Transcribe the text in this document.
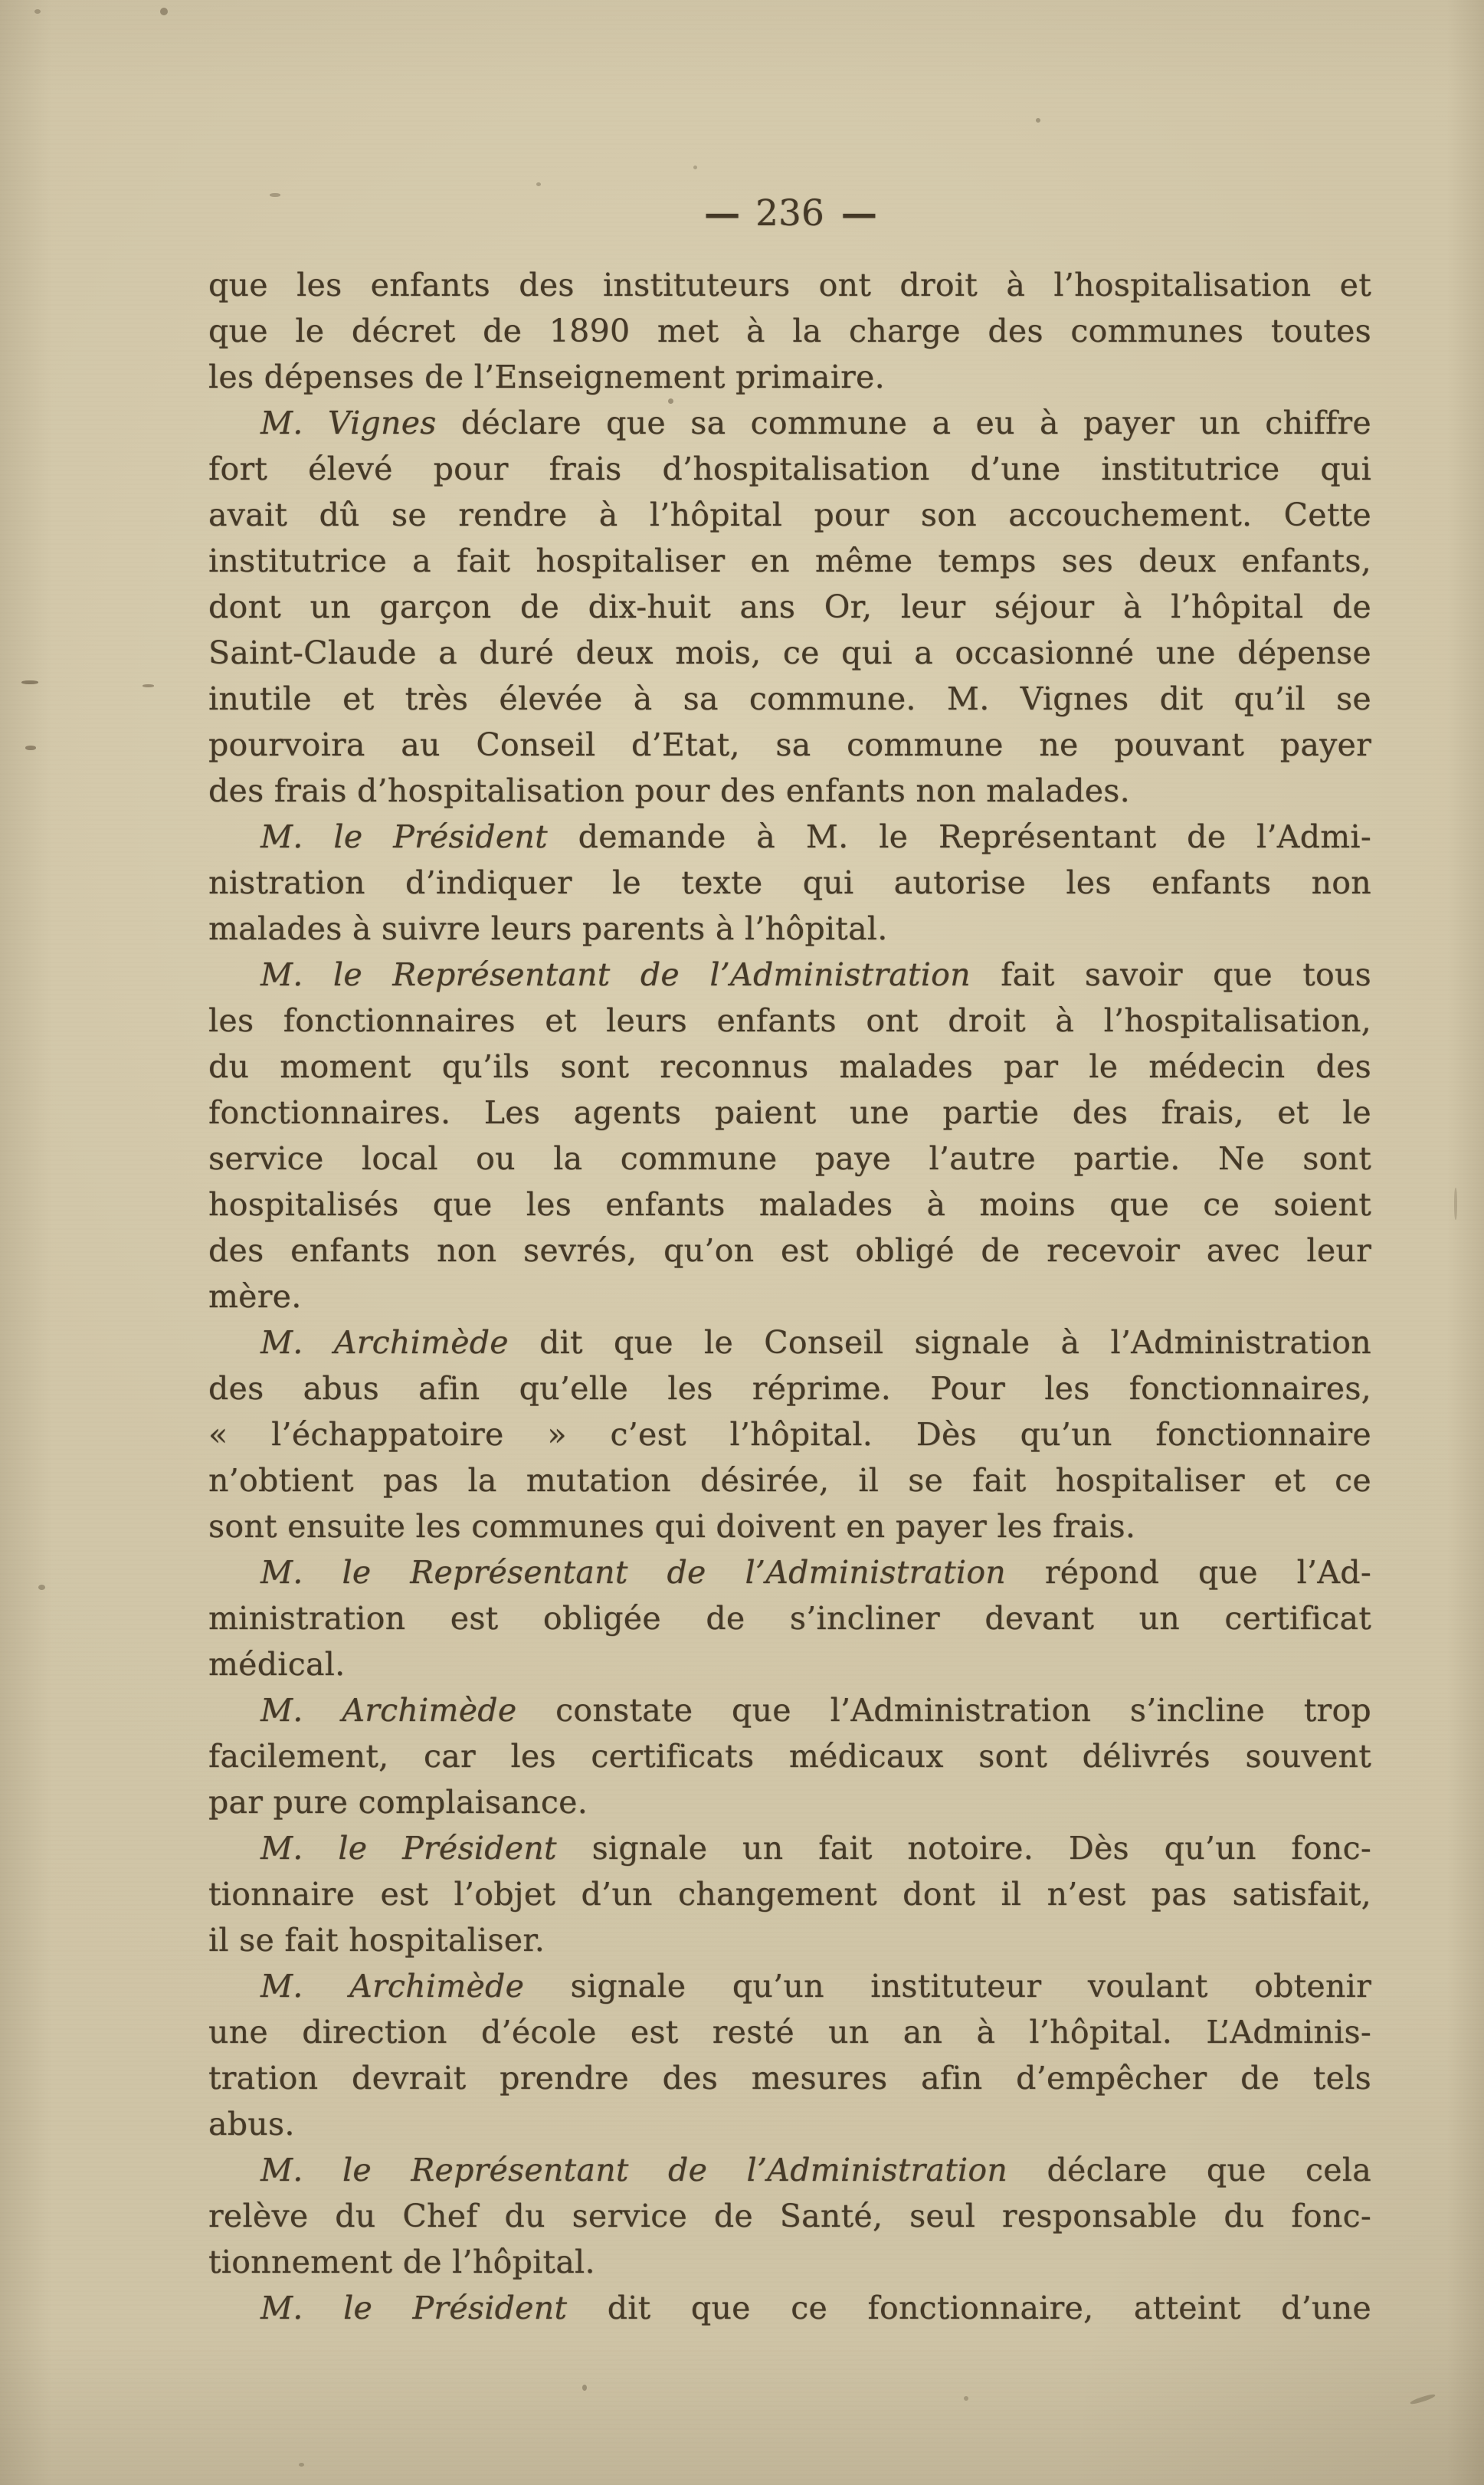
— 236 —
que les enfants des instituteurs ont droit à l’hospitalisation et
que le décret de 1890 met à la charge des communes toutes
les dépenses de l’Enseignement primaire.
M. Vignes déclare que sa commune a eu à payer un chiffre
fort élevé pour frais d’hospitalisation d’une institutrice qui
avait dû se rendre à l’hôpital pour son accouchement. Cette
institutrice a fait hospitaliser en même temps ses deux enfants,
dont un garçon de dix-huit ans Or, leur séjour à l’hôpital de
Saint-Claude a duré deux mois, ce qui a occasionné une dépense
inutile et très élevée à sa commune. M. Vignes dit qu’il se
pourvoira au Conseil d’Etat, sa commune ne pouvant payer
des frais d’hospitalisation pour des enfants non malades.
M. le Président demande à M. le Représentant de l’Admi-
nistration d’indiquer le texte qui autorise les enfants non
malades à suivre leurs parents à l’hôpital.
M. le Représentant de l’Administration fait savoir que tous
les fonctionnaires et leurs enfants ont droit à l’hospitalisation,
du moment qu’ils sont reconnus malades par le médecin des
fonctionnaires. Les agents paient une partie des frais, et le
service local ou la commune paye l’autre partie. Ne sont
hospitalisés que les enfants malades à moins que ce soient
des enfants non sevrés, qu’on est obligé de recevoir avec leur
mère.
M. Archimède dit que le Conseil signale à l’Administration
des abus afin qu’elle les réprime. Pour les fonctionnaires,
« l’échappatoire » c’est l’hôpital. Dès qu’un fonctionnaire
n’obtient pas la mutation désirée, il se fait hospitaliser et ce
sont ensuite les communes qui doivent en payer les frais.
M. le Représentant de l’Administration répond que l’Ad-
ministration est obligée de s’incliner devant un certificat
médical.
M. Archimède constate que l’Administration s’incline trop
facilement, car les certificats médicaux sont délivrés souvent
par pure complaisance.
M. le Président signale un fait notoire. Dès qu’un fonc-
tionnaire est l’objet d’un changement dont il n’est pas satisfait,
il se fait hospitaliser.
M. Archimède signale qu’un instituteur voulant obtenir
une direction d’école est resté un an à l’hôpital. L’Adminis-
tration devrait prendre des mesures afin d’empêcher de tels
abus.
M. le Représentant de l’Administration déclare que cela
relève du Chef du service de Santé, seul responsable du fonc-
tionnement de l’hôpital.
M. le Président dit que ce fonctionnaire, atteint d’une
